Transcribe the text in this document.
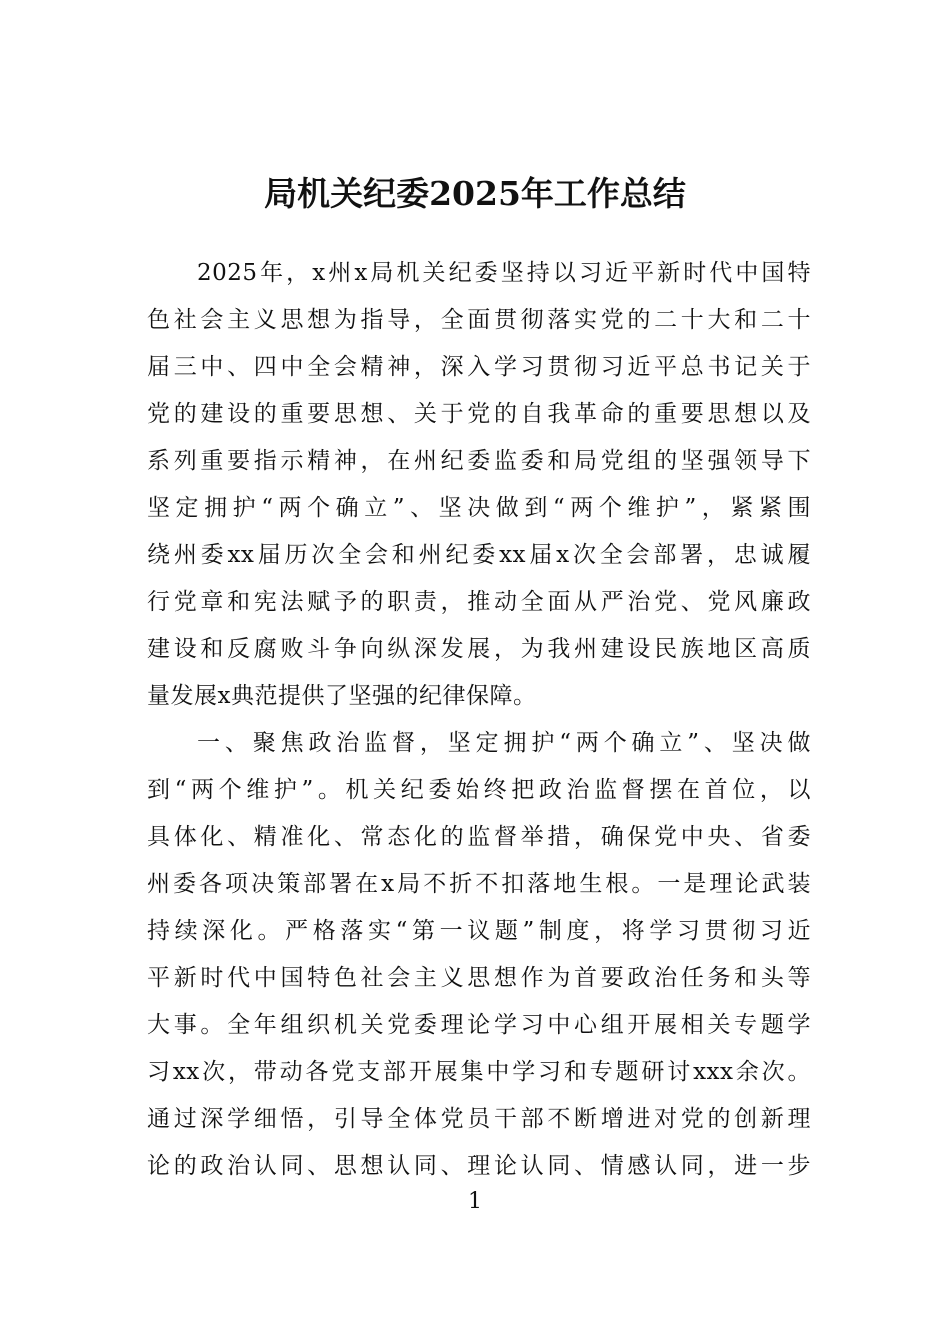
局机关纪委2025年工作总结
2025年，x州x局机关纪委坚持以习近平新时代中国特
色社会主义思想为指导，全面贯彻落实党的二十大和二十
届三中、四中全会精神，深入学习贯彻习近平总书记关于
党的建设的重要思想、关于党的自我革命的重要思想以及
系列重要指示精神，在州纪委监委和局党组的坚强领导下
坚定拥护“两个确立”、坚决做到“两个维护”，紧紧围
绕州委xx届历次全会和州纪委xx届x次全会部署，忠诚履
行党章和宪法赋予的职责，推动全面从严治党、党风廉政
建设和反腐败斗争向纵深发展，为我州建设民族地区高质
量发展x典范提供了坚强的纪律保障。
一、聚焦政治监督，坚定拥护“两个确立”、坚决做
到“两个维护”。机关纪委始终把政治监督摆在首位，以
具体化、精准化、常态化的监督举措，确保党中央、省委
州委各项决策部署在x局不折不扣落地生根。一是理论武装
持续深化。严格落实“第一议题”制度，将学习贯彻习近
平新时代中国特色社会主义思想作为首要政治任务和头等
大事。全年组织机关党委理论学习中心组开展相关专题学
习xx次，带动各党支部开展集中学习和专题研讨xxx余次。
通过深学细悟，引导全体党员干部不断增进对党的创新理
论的政治认同、思想认同、理论认同、情感认同，进一步
1
